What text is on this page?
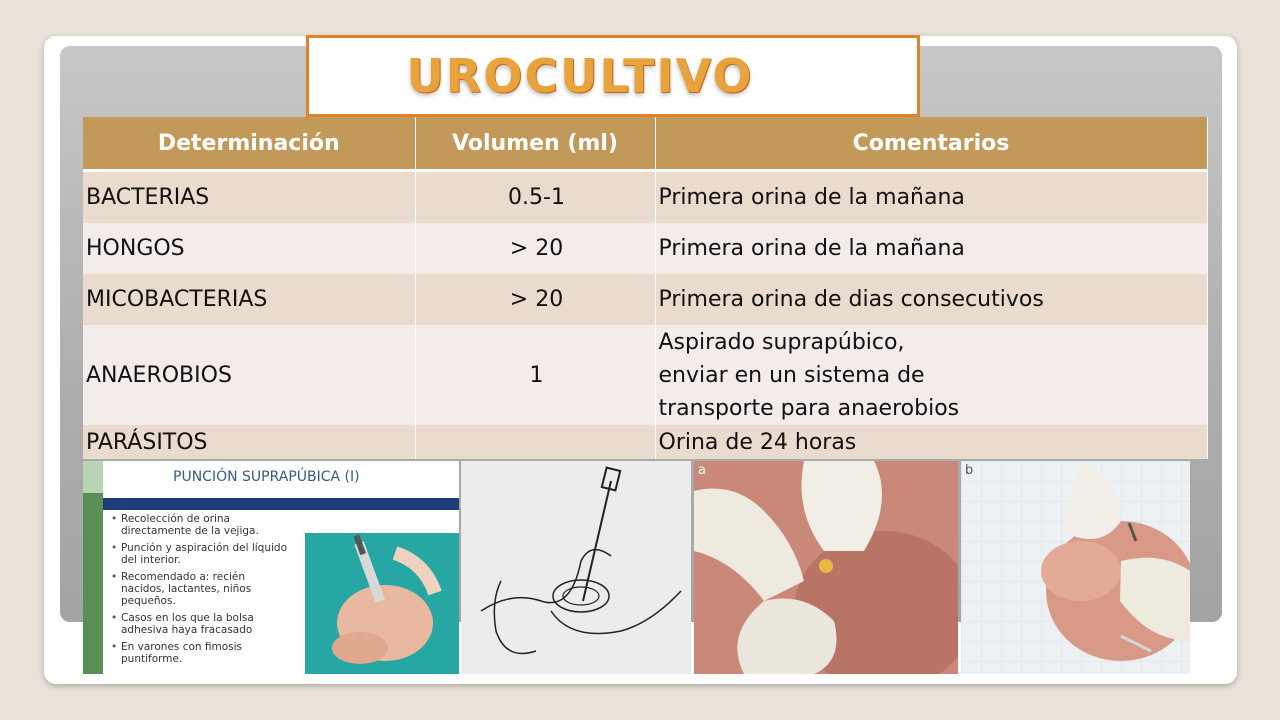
UROCULTIVO
Determinación	Volumen (ml)	Comentarios
BACTERIAS	0.5-1	Primera orina de la mañana
HONGOS	> 20	Primera orina de la mañana
MICOBACTERIAS	> 20	Primera orina de dias consecutivos
ANAEROBIOS	1	Aspirado suprapúbico,
enviar en un sistema de
transporte para anaerobios

PARÁSITOS		Orina de 24 horas
PUNCIÓN SUPRAPÚBICA (I)
• Recolección de orina directamente de la vejiga.
• Punción y aspiración del líquido del interior.
• Recomendado a: recién nacidos, lactantes, niños pequeños.
• Casos en los que la bolsa adhesiva haya fracasado
• En varones con fimosis puntiforme.
a	b
